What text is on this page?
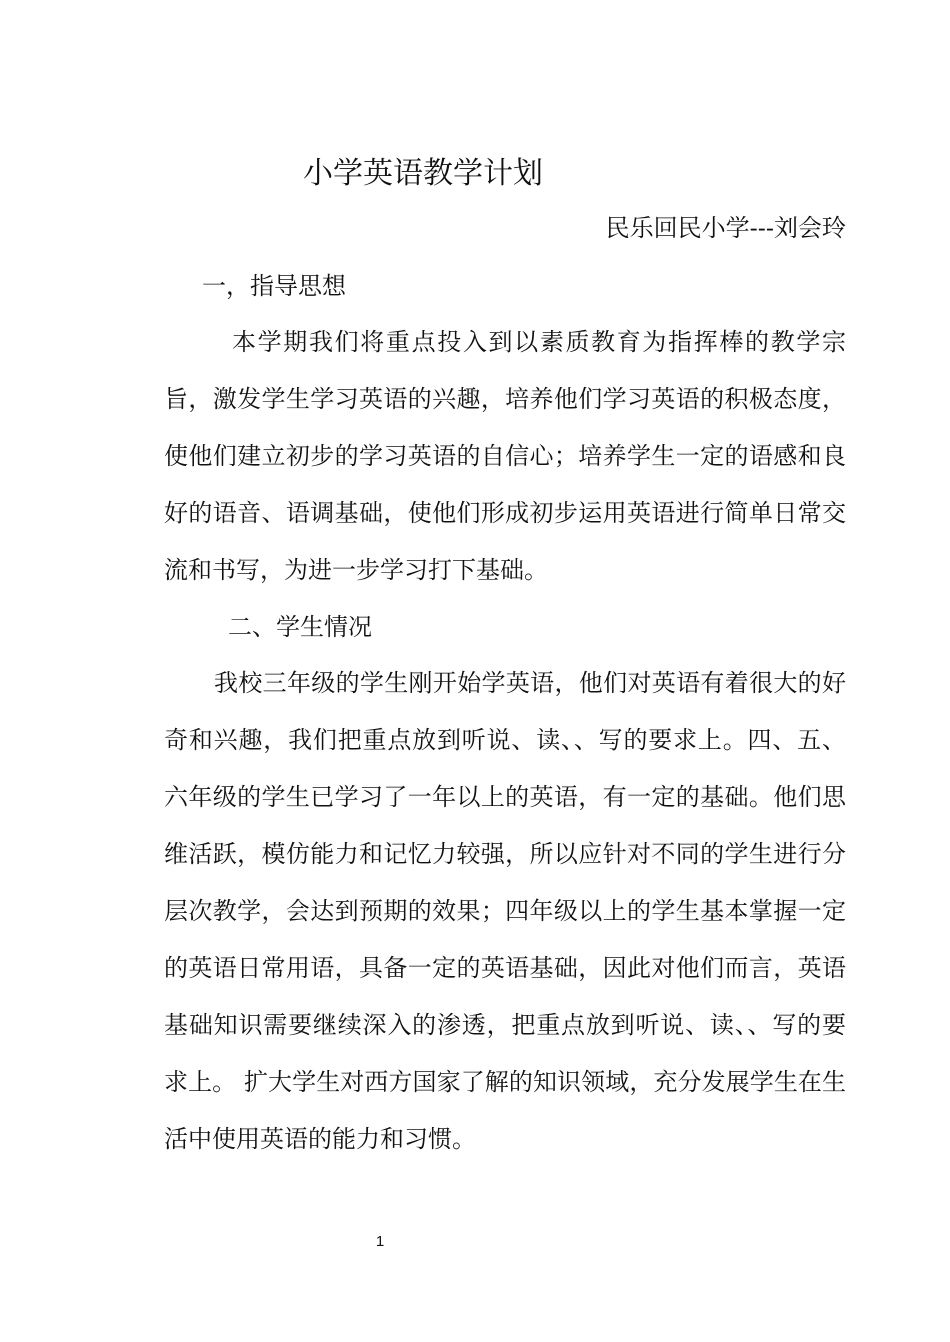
小学英语教学计划
民乐回民小学---刘会玲
一，指导思想

本学期我们将重点投入到以素质教育为指挥棒的教学宗旨，激发学生学习英语的兴趣，培养他们学习英语的积极态度，使他们建立初步的学习英语的自信心；培养学生一定的语感和良好的语音、语调基础，使他们形成初步运用英语进行简单日常交流和书写，为进一步学习打下基础。

二、学生情况

我校三年级的学生刚开始学英语，他们对英语有着很大的好奇和兴趣，我们把重点放到听说、读、、写的要求上。四、五、六年级的学生已学习了一年以上的英语，有一定的基础。他们思维活跃，模仿能力和记忆力较强，所以应针对不同的学生进行分层次教学，会达到预期的效果；四年级以上的学生基本掌握一定的英语日常用语，具备一定的英语基础，因此对他们而言，英语基础知识需要继续深入的渗透，把重点放到听说、读、、写的要求上。 扩大学生对西方国家了解的知识领域，充分发展学生在生活中使用英语的能力和习惯。

1
